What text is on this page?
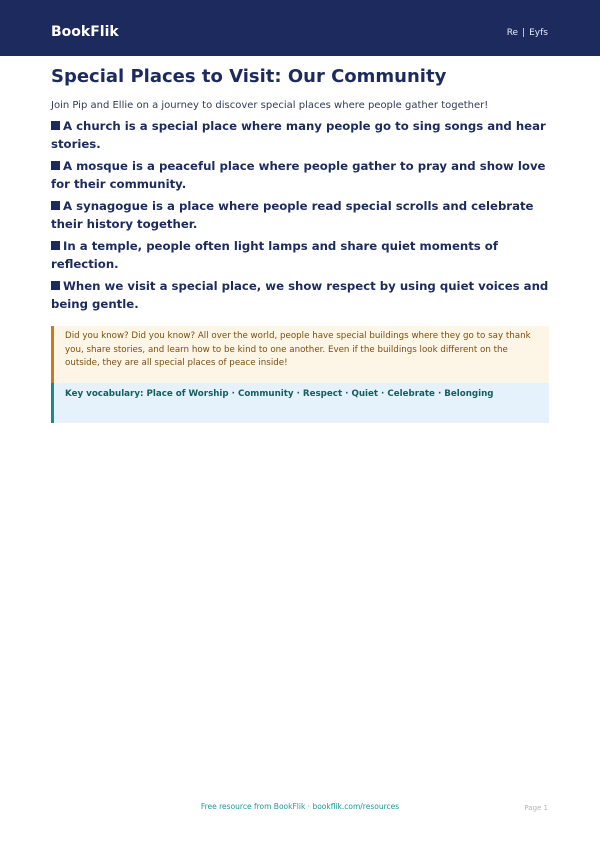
BookFlik	Re | Eyfs
Special Places to Visit: Our Community

Join Pip and Ellie on a journey to discover special places where people gather together!

A church is a special place where many people go to sing songs and hear stories.
A mosque is a peaceful place where people gather to pray and show love for their community.
A synagogue is a place where people read special scrolls and celebrate their history together.
In a temple, people often light lamps and share quiet moments of reflection.
When we visit a special place, we show respect by using quiet voices and being gentle.
Did you know? Did you know? All over the world, people have special buildings where they go to say thank you, share stories, and learn how to be kind to one another. Even if the buildings look different on the outside, they are all special places of peace inside!
Key vocabulary: Place of Worship · Community · Respect · Quiet · Celebrate · Belonging
Free resource from BookFlik · bookflik.com/resources	Page 1
